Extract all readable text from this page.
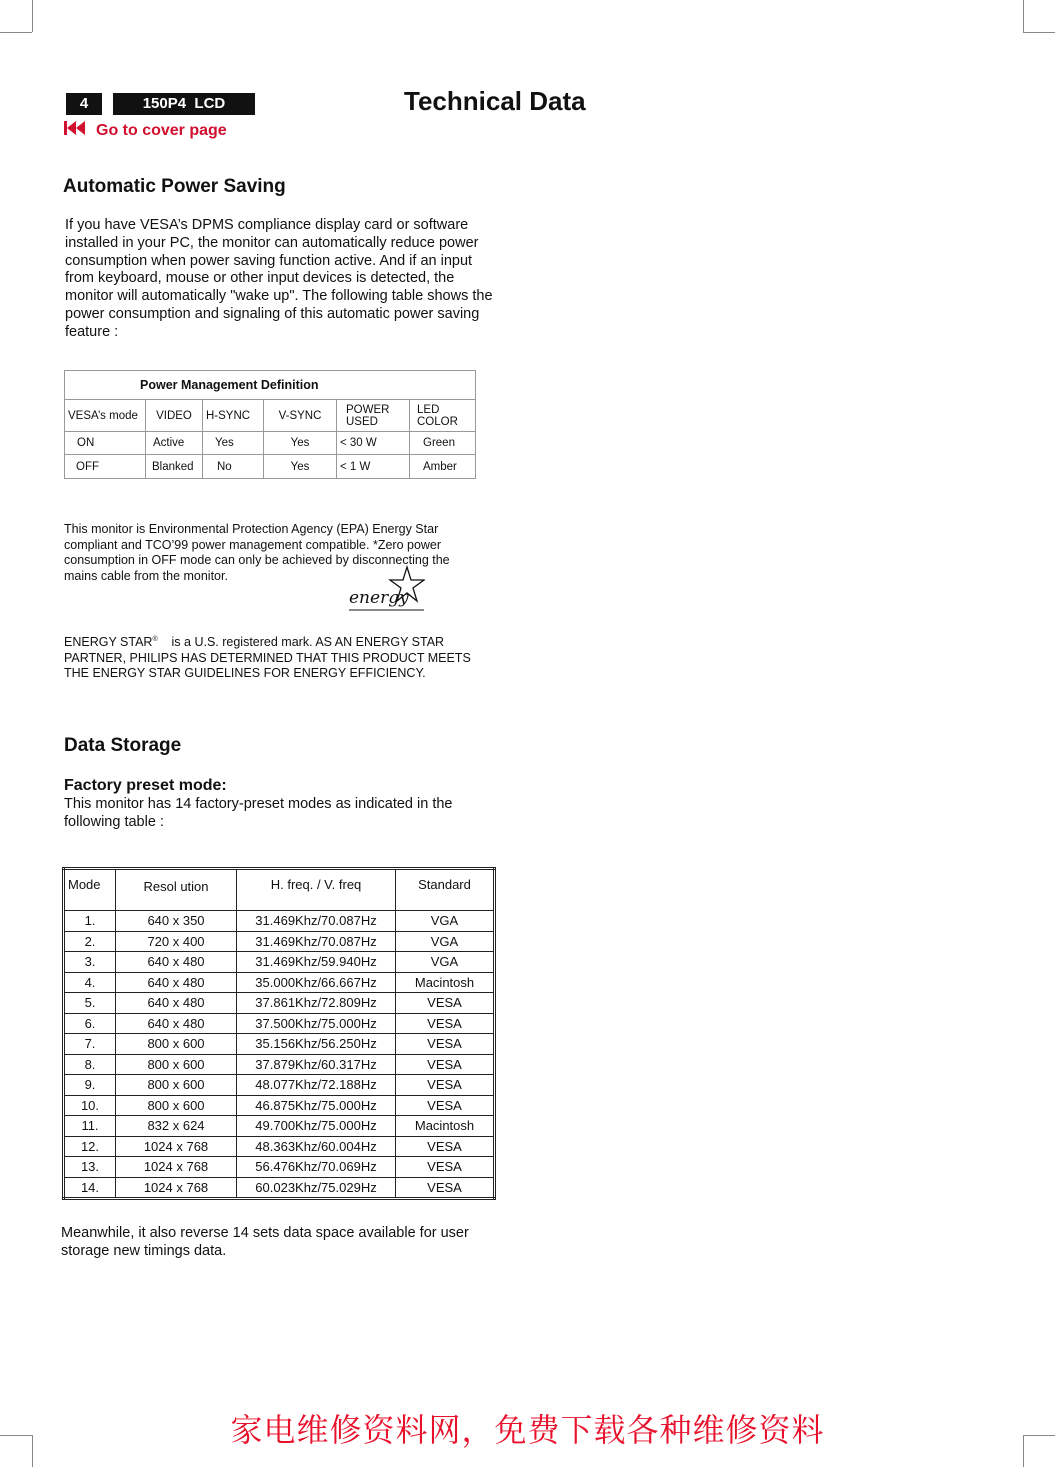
4	150P4  LCD	Technical Data
Go to cover page
Automatic Power Saving

If you have VESA’s DPMS compliance display card or software installed in your PC, the monitor can automatically reduce power consumption when power saving function active. And if an input from keyboard, mouse or other input devices is detected, the monitor will automatically "wake up". The following table shows the power consumption and signaling of this automatic power saving feature :

Power Management Definition					
VESA’s mode	VIDEO	H-SYNC	V-SYNC	POWER USED	LED COLOR
ON	Active	Yes	Yes	< 30 W	Green
OFF	Blanked	No	Yes	< 1 W	Amber

This monitor is Environmental Protection Agency (EPA) Energy Star compliant and TCO’99 power management compatible. *Zero power consumption in OFF mode can only be achieved by disconnecting the mains cable from the monitor.

energy

ENERGY STAR® is a U.S. registered mark. AS AN ENERGY STAR PARTNER, PHILIPS HAS DETERMINED THAT THIS PRODUCT MEETS THE ENERGY STAR GUIDELINES FOR ENERGY EFFICIENCY.

Data Storage
Factory preset mode:

This monitor has 14 factory-preset modes as indicated in the following table :

Mode	Resol ution	H. freq. / V. freq	Standard
1.	640 x 350	31.469Khz/70.087Hz	VGA
2.	720 x 400	31.469Khz/70.087Hz	VGA
3.	640 x 480	31.469Khz/59.940Hz	VGA
4.	640 x 480	35.000Khz/66.667Hz	Macintosh
5.	640 x 480	37.861Khz/72.809Hz	VESA
6.	640 x 480	37.500Khz/75.000Hz	VESA
7.	800 x 600	35.156Khz/56.250Hz	VESA
8.	800 x 600	37.879Khz/60.317Hz	VESA
9.	800 x 600	48.077Khz/72.188Hz	VESA
10.	800 x 600	46.875Khz/75.000Hz	VESA
11.	832 x 624	49.700Khz/75.000Hz	Macintosh
12.	1024 x 768	48.363Khz/60.004Hz	VESA
13.	1024 x 768	56.476Khz/70.069Hz	VESA
14.	1024 x 768	60.023Khz/75.029Hz	VESA

Meanwhile, it also reverse 14 sets data space available for user storage new timings data.

家电维修资料网，免费下载各种维修资料
